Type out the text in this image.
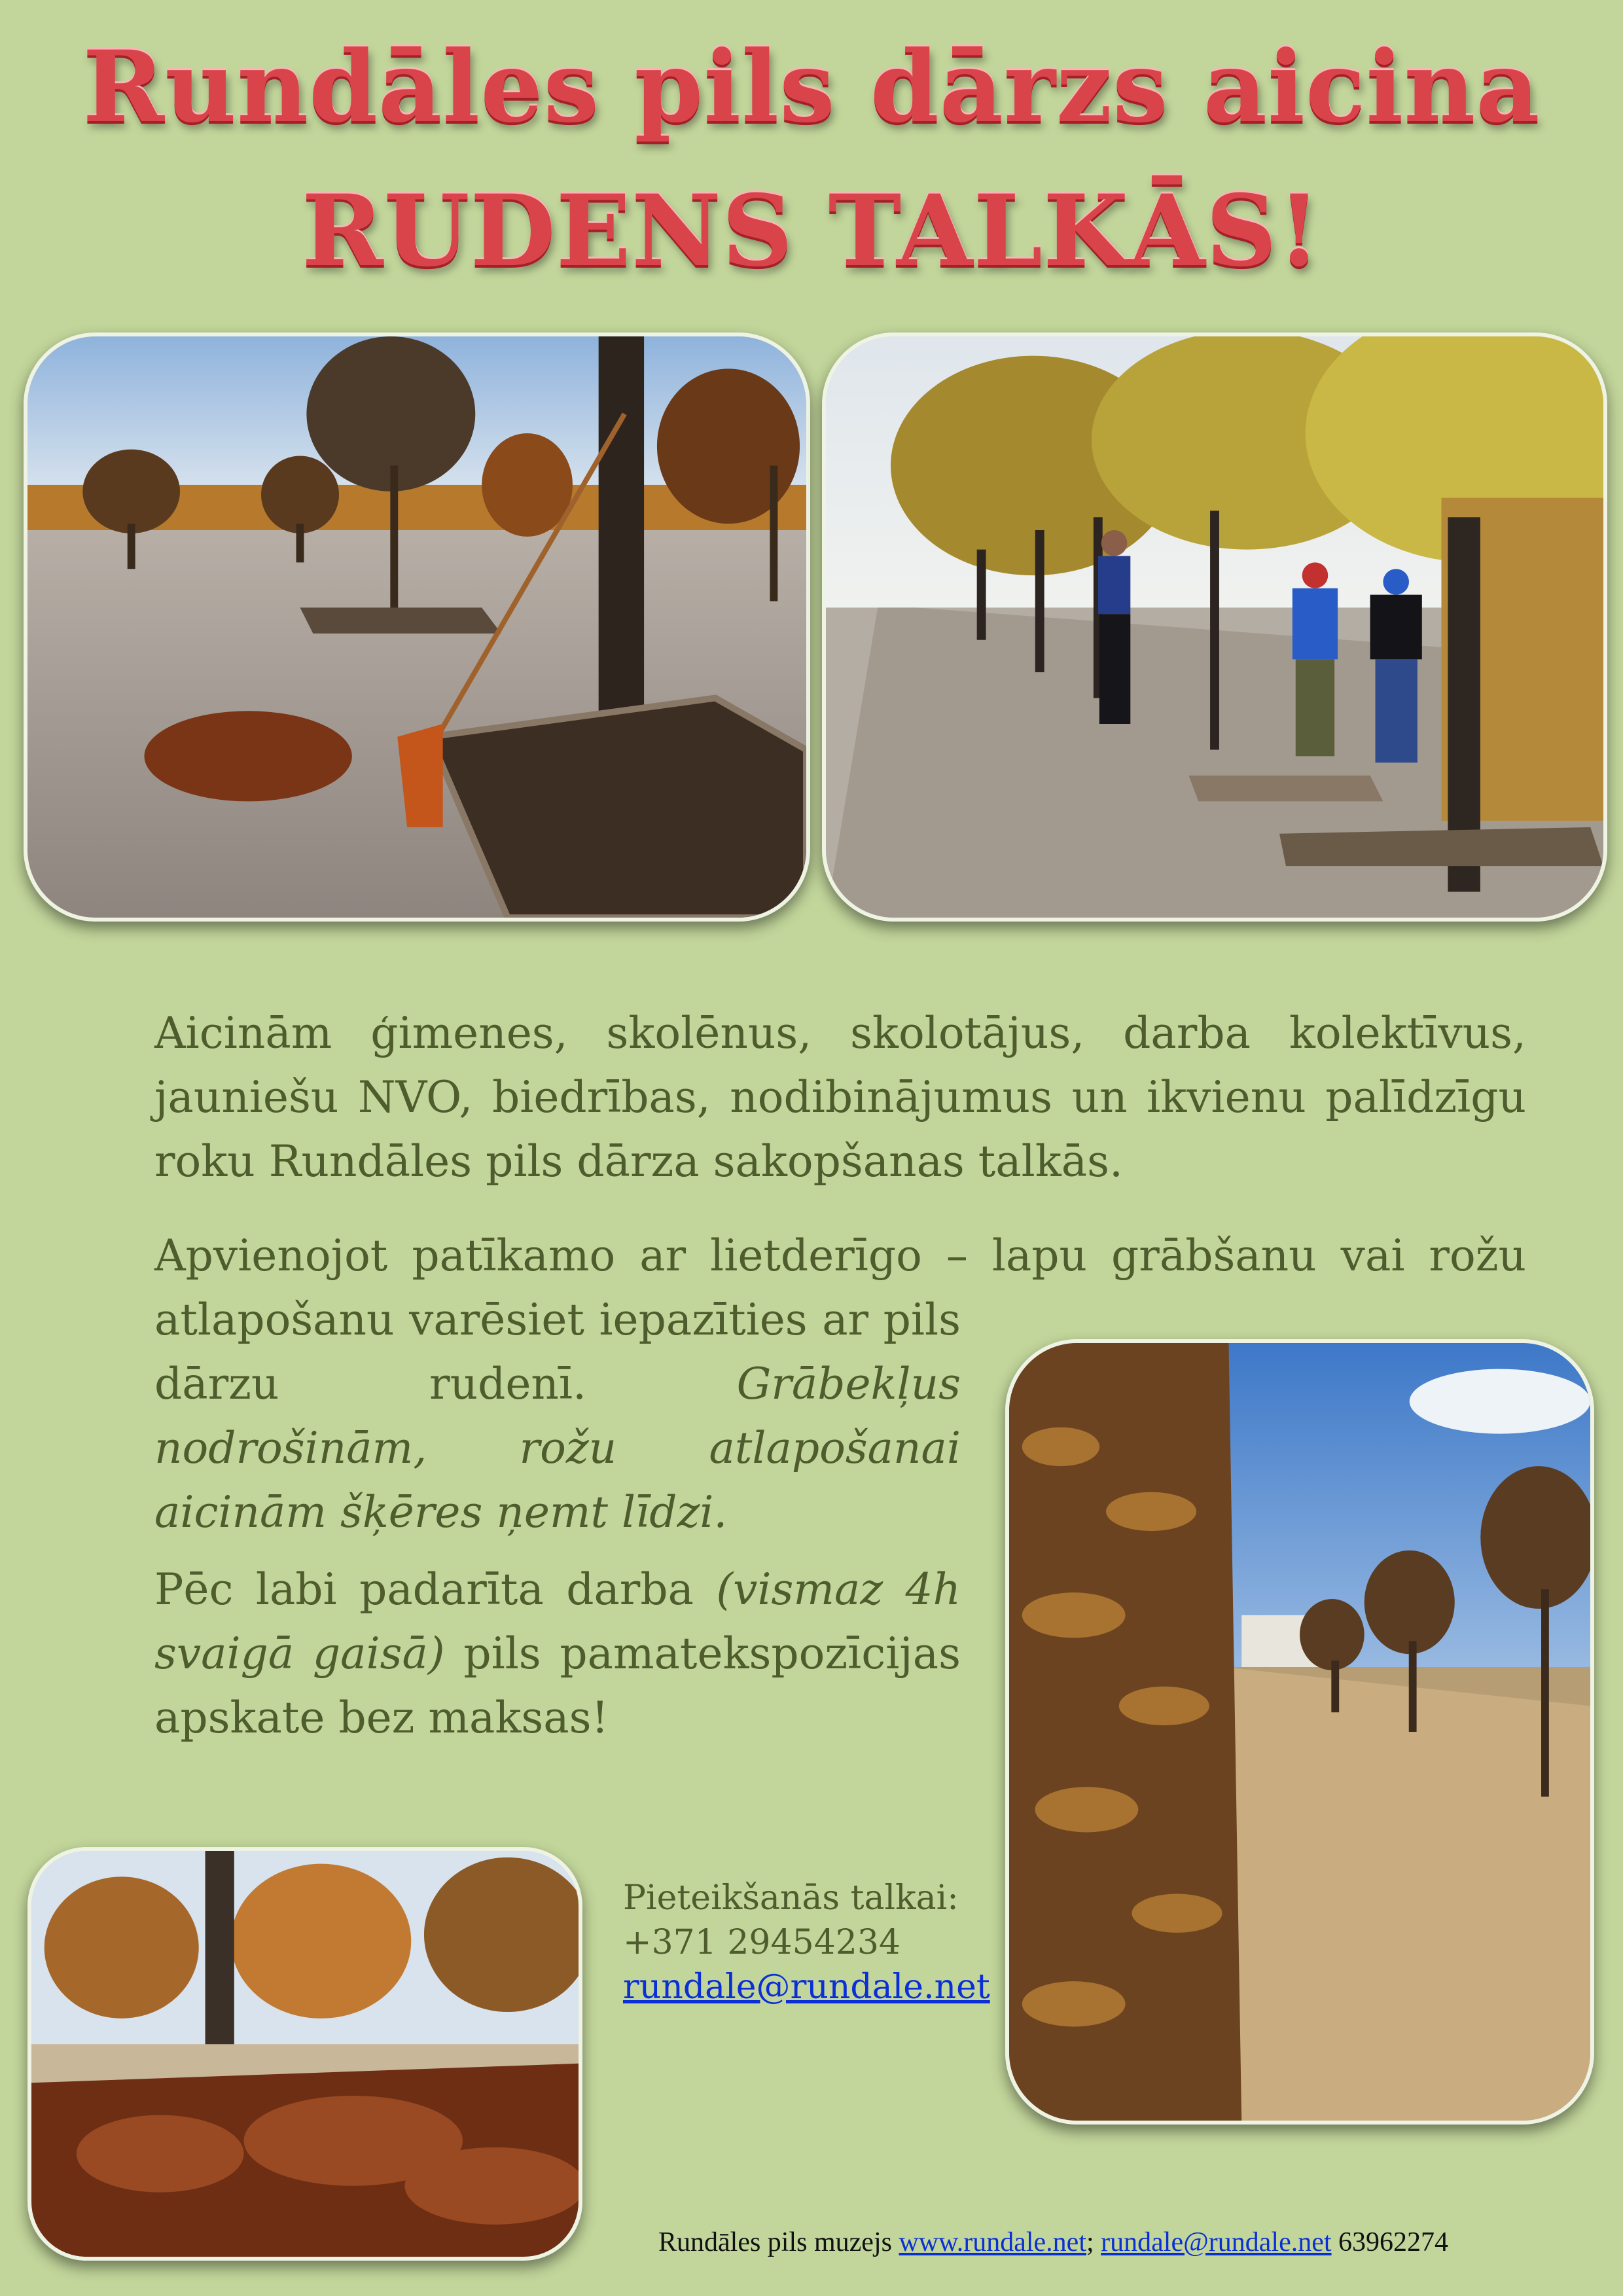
Rundāles pils dārzs aicina
RUDENS TALKĀS!
Aicinām ģimenes, skolēnus, skolotājus, darba kolektīvus, jauniešu NVO, biedrības, nodibinājumus un ikvienu palīdzīgu roku Rundāles pils dārza sakopšanas talkās.
Apvienojot patīkamo ar lietderīgo – lapu grābšanu vai rožu
atlapošanu varēsiet iepazīties ar pils dārzu rudenī.	Grābekļus nodrošinām, rožu atlapošanai aicinām šķēres ņemt līdzi.
Pēc labi padarīta darba (vismaz 4h svaigā gaisā) pils pamatekspozīcijas apskate bez maksas!
Pieteikšanās talkai:
+371 29454234
rundale@rundale.net
Rundāles pils muzejs www.rundale.net; rundale@rundale.net 63962274
